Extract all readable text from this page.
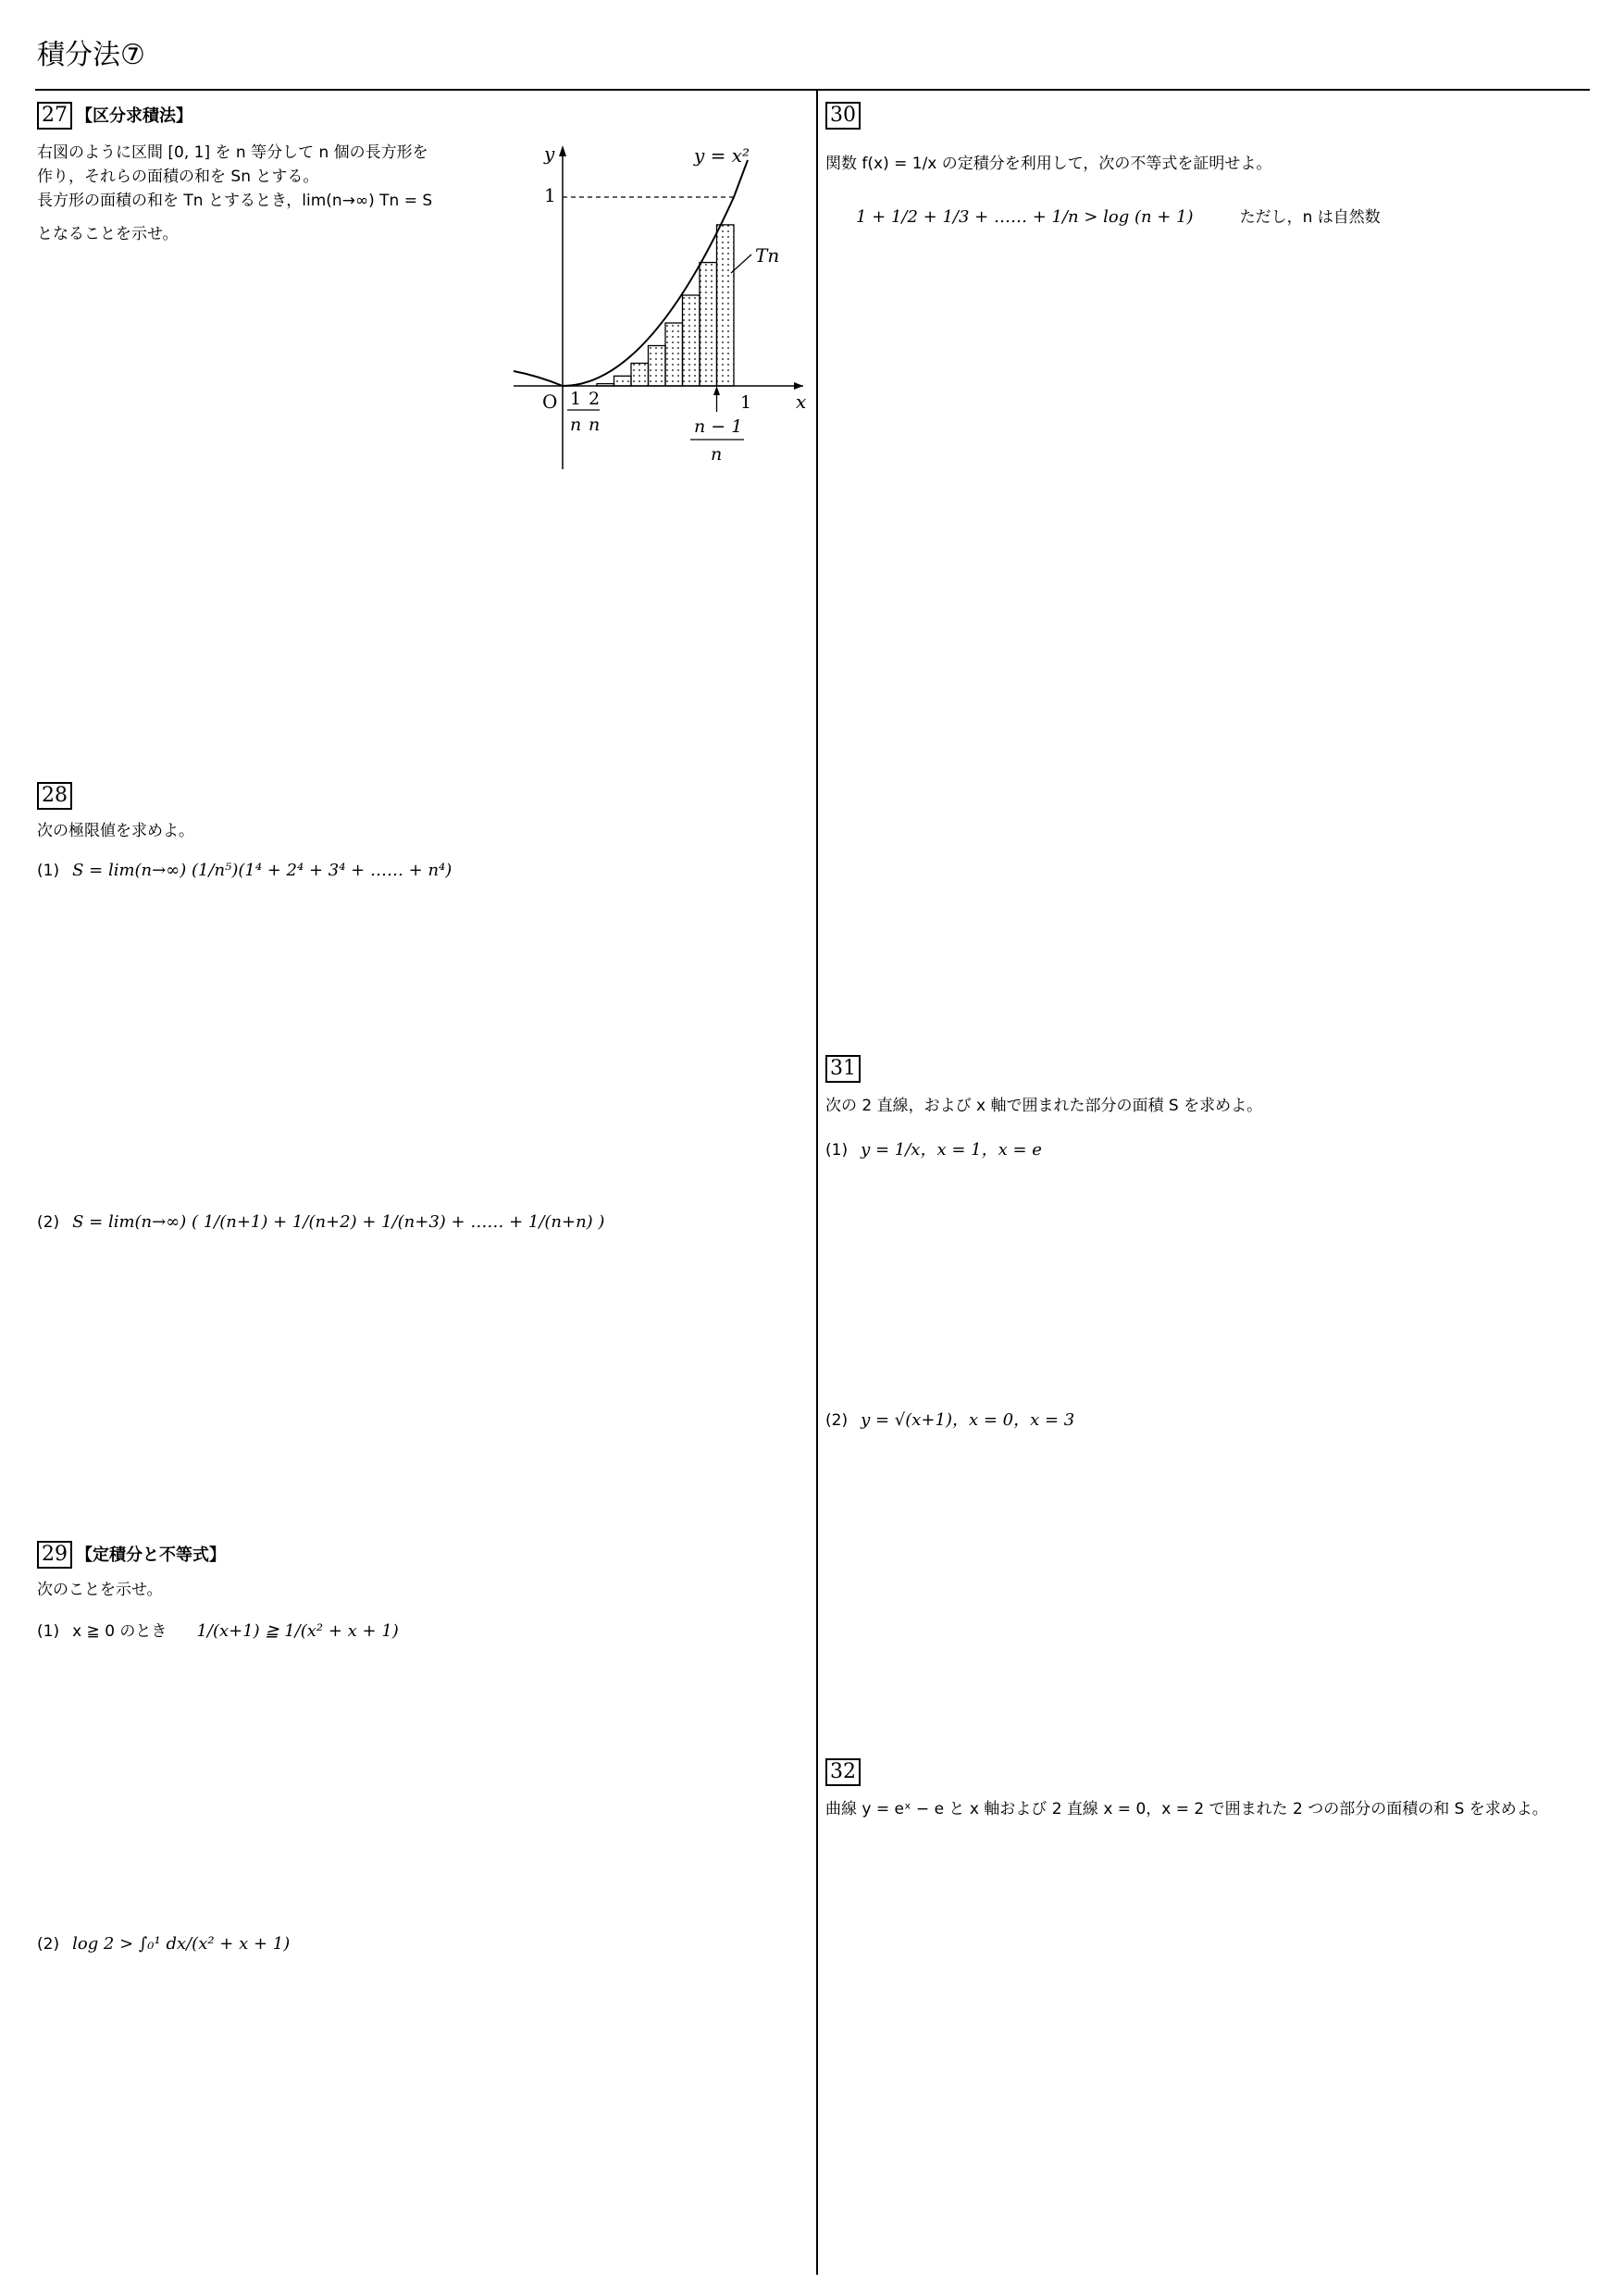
積分法⑦
27 【区分求積法】
右図のように区間 [0, 1] を n 等分して n 個の長方形を
作り，それらの面積の和を Sn とする。
長方形の面積の和を Tn とするとき，lim(n→∞) Tn = S
となることを示せ。
y = x²
y
x
1
O 1 2
n n
1
n − 1
n
Tn
28
次の極限値を求めよ。
(1) S = lim(n→∞) (1/n⁵)(1⁴ + 2⁴ + 3⁴ + …… + n⁴)
(2) S = lim(n→∞) ( 1/(n+1) + 1/(n+2) + 1/(n+3) + …… + 1/(n+n) )
29 【定積分と不等式】
次のことを示せ。
(1) x ≧ 0 のとき 1/(x+1) ≧ 1/(x² + x + 1)
(2) log 2 > ∫₀¹ dx/(x² + x + 1)
30
関数 f(x) = 1/x の定積分を利用して，次の不等式を証明せよ。
1 + 1/2 + 1/3 + …… + 1/n > log (n + 1)	ただし，n は自然数
31
次の 2 直線，および x 軸で囲まれた部分の面積 S を求めよ。
(1) y = 1/x，x = 1，x = e
(2) y = √(x+1)，x = 0，x = 3
32
曲線 y = eˣ − e と x 軸および 2 直線 x = 0，x = 2 で囲まれた 2 つの部分の面積の和 S を求めよ。
